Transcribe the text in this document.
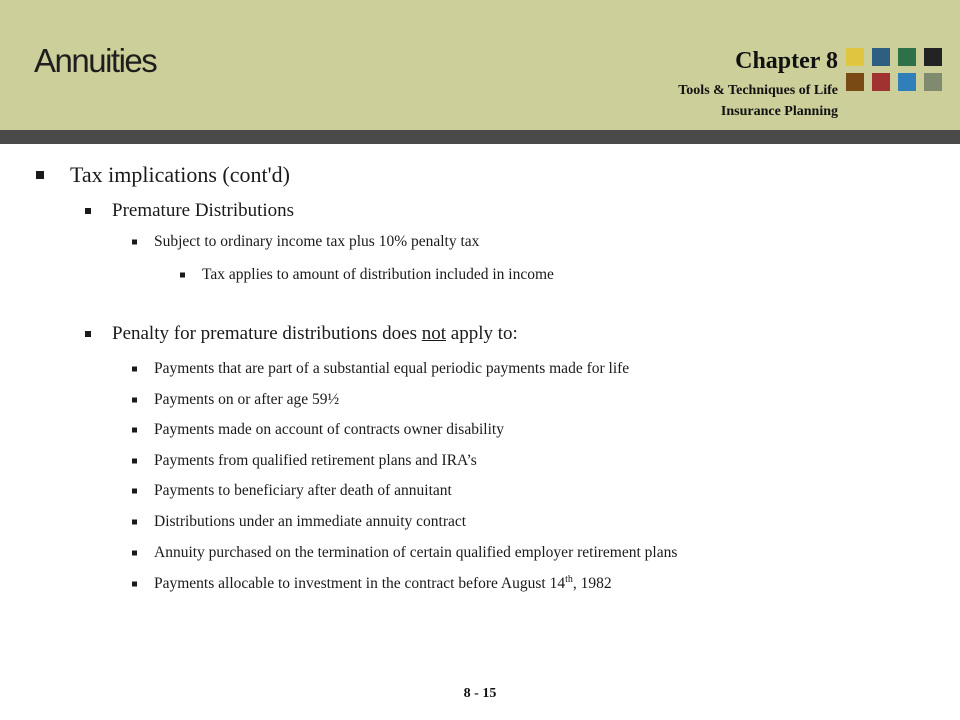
Annuities	Chapter 8
Tools & Techniques of Life
Insurance Planning
Tax implications (cont'd)
Premature Distributions
Subject to ordinary income tax plus 10% penalty tax
Tax applies to amount of distribution included in income
Penalty for premature distributions does not apply to:
Payments that are part of a substantial equal periodic payments made for life
Payments on or after age 59½
Payments made on account of contracts owner disability
Payments from qualified retirement plans and IRA’s
Payments to beneficiary after death of annuitant
Distributions under an immediate annuity contract
Annuity purchased on the termination of certain qualified employer retirement plans
Payments allocable to investment in the contract before August 14th, 1982
8 - 15
